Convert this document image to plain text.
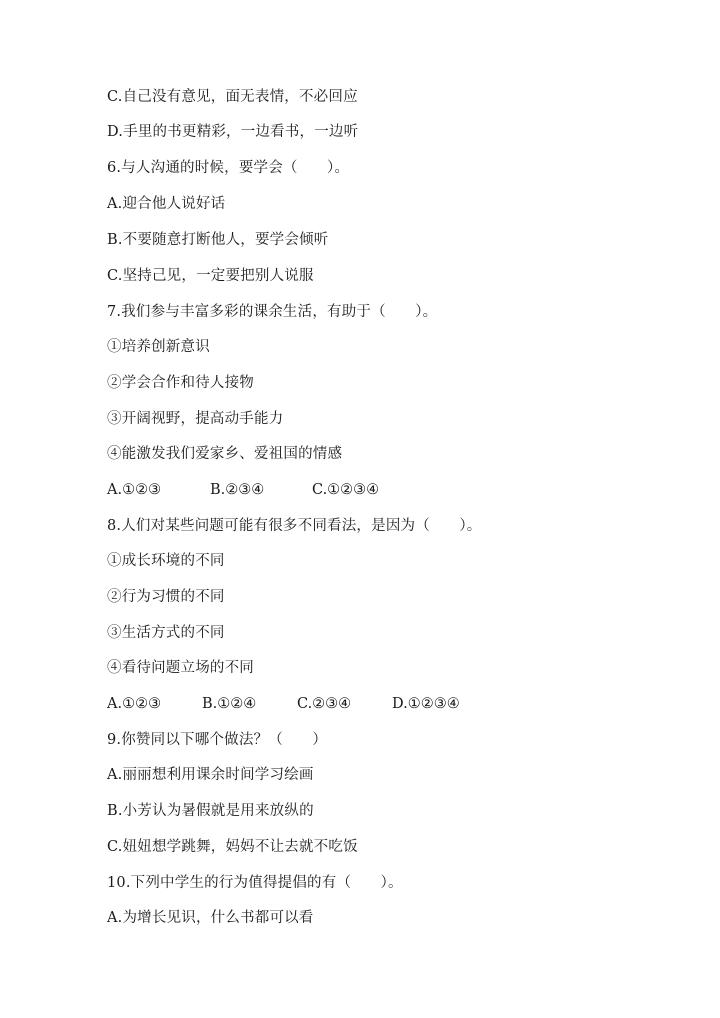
C.自己没有意见，面无表情，不必回应
D.手里的书更精彩，一边看书，一边听
6.与人沟通的时候，要学会（　　）。
A.迎合他人说好话
B.不要随意打断他人，要学会倾听
C.坚持己见，一定要把别人说服
7.我们参与丰富多彩的课余生活，有助于（　　）。
①培养创新意识
②学会合作和待人接物
③开阔视野，提高动手能力
④能激发我们爱家乡、爱祖国的情感

A.①②③

	B.②③④

	C.①②③④

8.人们对某些问题可能有很多不同看法，是因为（　　）。
①成长环境的不同
②行为习惯的不同
③生活方式的不同
④看待问题立场的不同

A.①②③

	B.①②④

	C.②③④

	D.①②③④

9.你赞同以下哪个做法？（　　）
A.丽丽想利用课余时间学习绘画
B.小芳认为暑假就是用来放纵的
C.妞妞想学跳舞，妈妈不让去就不吃饭
10.下列中学生的行为值得提倡的有（　　）。
A.为增长见识，什么书都可以看
